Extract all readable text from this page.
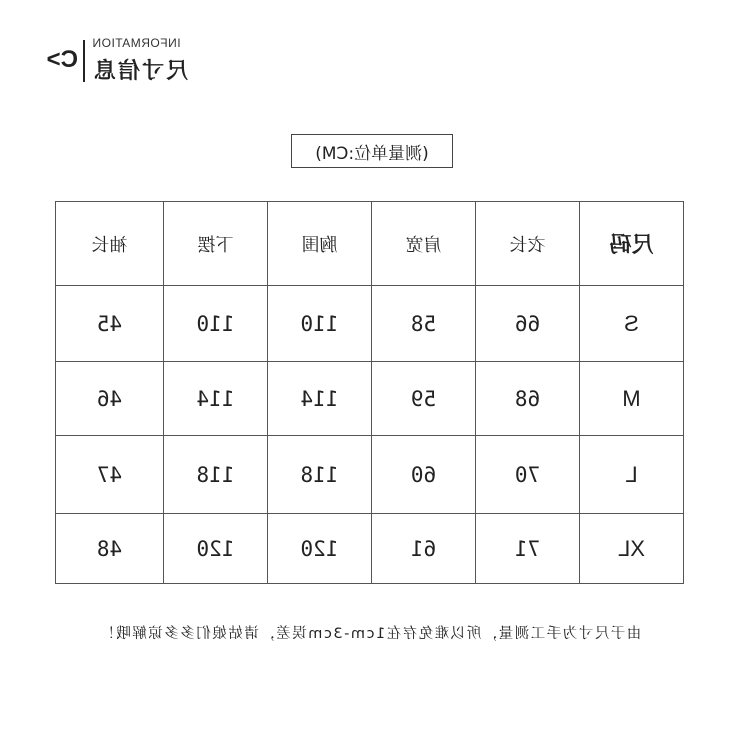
INFORMATION
尺寸信息
C>
(测量单位:CM)
尺码	衣长	肩宽	胸围	下摆	袖长
S	66	58	110	110	45
M	68	59	114	114	46
L	70	60	118	118	47
XL	71	61	120	120	48
由于尺寸为手工测量，所以难免存在1cm-3cm误差，请姑娘们多多谅解哦！
